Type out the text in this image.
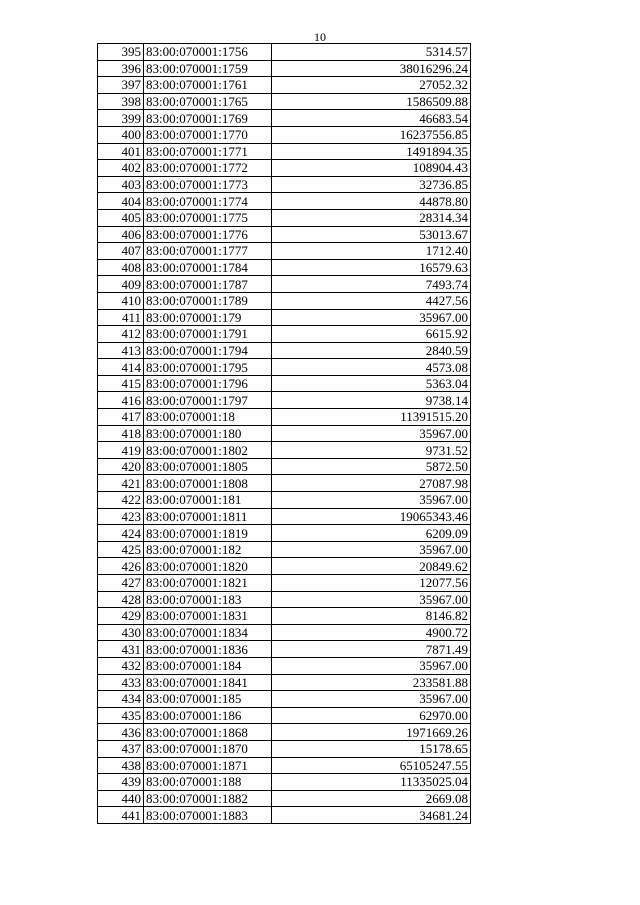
10
395	83:00:070001:1756	5314.57
396	83:00:070001:1759	38016296.24
397	83:00:070001:1761	27052.32
398	83:00:070001:1765	1586509.88
399	83:00:070001:1769	46683.54
400	83:00:070001:1770	16237556.85
401	83:00:070001:1771	1491894.35
402	83:00:070001:1772	108904.43
403	83:00:070001:1773	32736.85
404	83:00:070001:1774	44878.80
405	83:00:070001:1775	28314.34
406	83:00:070001:1776	53013.67
407	83:00:070001:1777	1712.40
408	83:00:070001:1784	16579.63
409	83:00:070001:1787	7493.74
410	83:00:070001:1789	4427.56
411	83:00:070001:179	35967.00
412	83:00:070001:1791	6615.92
413	83:00:070001:1794	2840.59
414	83:00:070001:1795	4573.08
415	83:00:070001:1796	5363.04
416	83:00:070001:1797	9738.14
417	83:00:070001:18	11391515.20
418	83:00:070001:180	35967.00
419	83:00:070001:1802	9731.52
420	83:00:070001:1805	5872.50
421	83:00:070001:1808	27087.98
422	83:00:070001:181	35967.00
423	83:00:070001:1811	19065343.46
424	83:00:070001:1819	6209.09
425	83:00:070001:182	35967.00
426	83:00:070001:1820	20849.62
427	83:00:070001:1821	12077.56
428	83:00:070001:183	35967.00
429	83:00:070001:1831	8146.82
430	83:00:070001:1834	4900.72
431	83:00:070001:1836	7871.49
432	83:00:070001:184	35967.00
433	83:00:070001:1841	233581.88
434	83:00:070001:185	35967.00
435	83:00:070001:186	62970.00
436	83:00:070001:1868	1971669.26
437	83:00:070001:1870	15178.65
438	83:00:070001:1871	65105247.55
439	83:00:070001:188	11335025.04
440	83:00:070001:1882	2669.08
441	83:00:070001:1883	34681.24
